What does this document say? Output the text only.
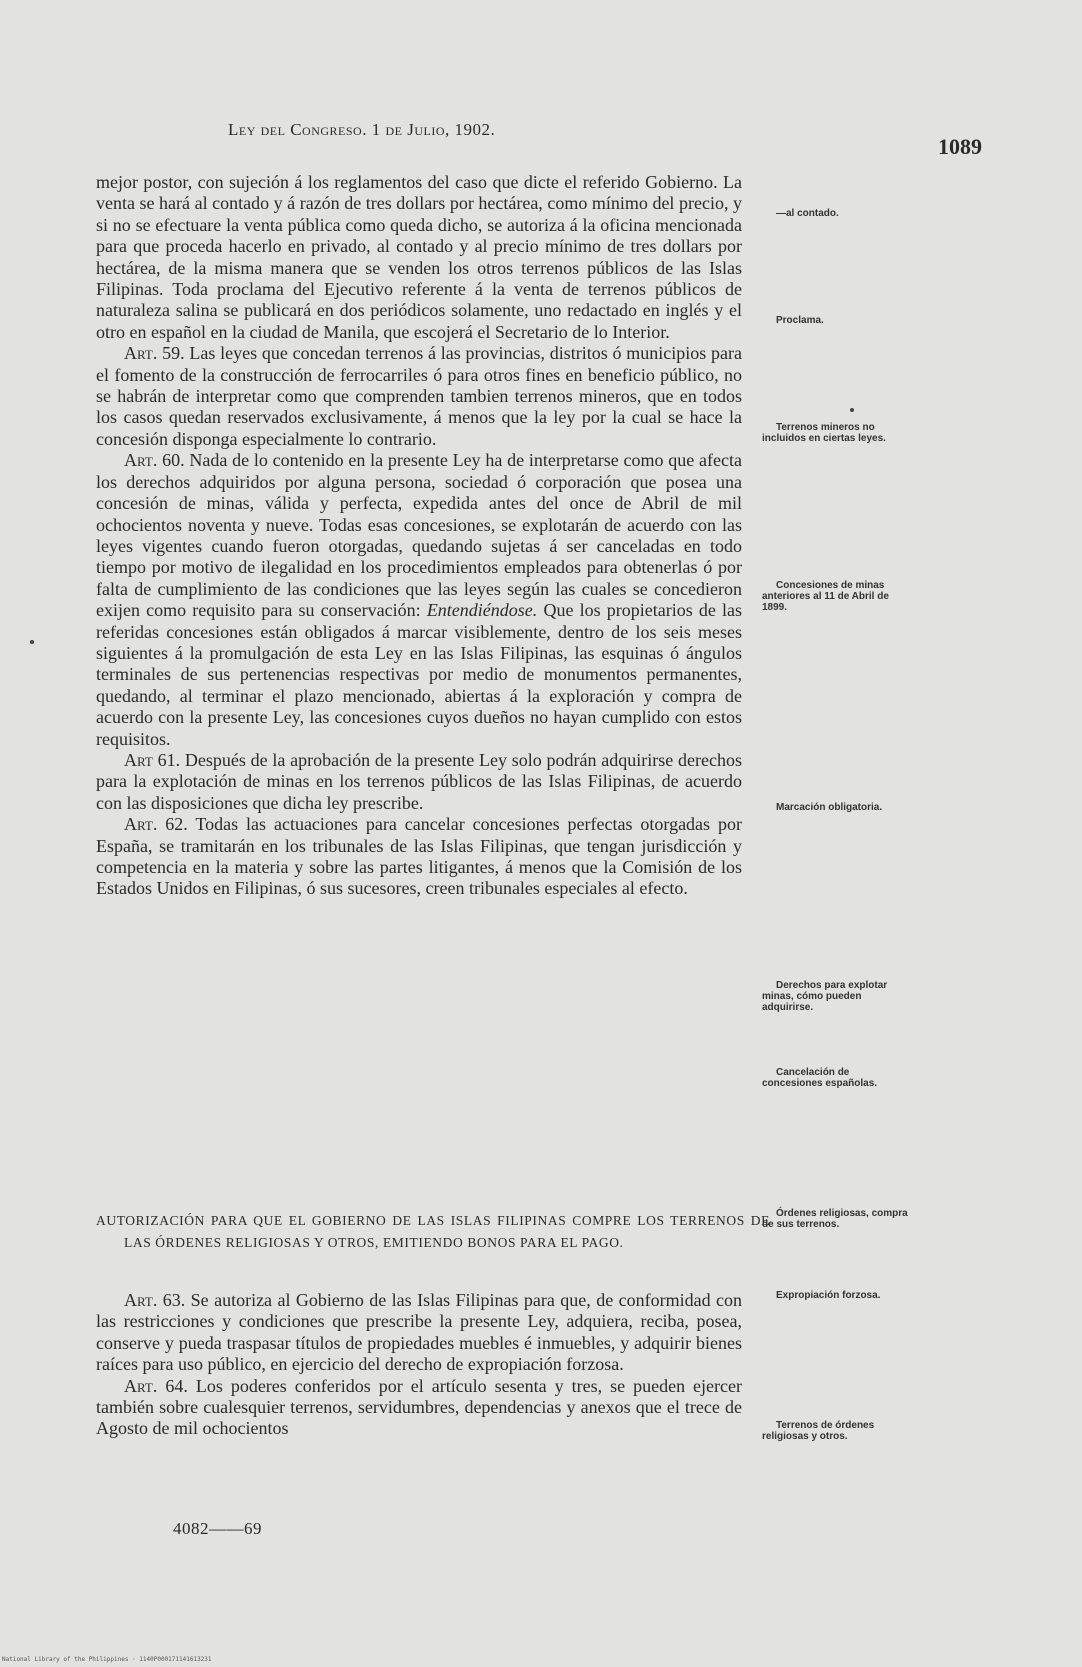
Ley del Congreso. 1 de Julio, 1902.
1089

mejor postor, con sujeción á los reglamentos del caso que dicte el referido Gobierno. La venta se hará al contado y á razón de tres dollars por hectárea, como mínimo del precio, y si no se efectuare la venta pública como queda dicho, se autoriza á la oficina mencionada para que proceda hacerlo en privado, al contado y al precio mínimo de tres dollars por hectárea, de la misma manera que se venden los otros terrenos públicos de las Islas Filipinas. Toda proclama del Ejecutivo referente á la venta de terrenos públicos de naturaleza salina se publicará en dos periódicos solamente, uno redactado en inglés y el otro en español en la ciudad de Manila, que escojerá el Secretario de lo Interior.

Art. 59. Las leyes que concedan terrenos á las provincias, distritos ó municipios para el fomento de la construcción de ferrocarriles ó para otros fines en beneficio público, no se habrán de interpretar como que comprenden tambien terrenos mineros, que en todos los casos quedan reservados exclusivamente, á menos que la ley por la cual se hace la concesión disponga especialmente lo contrario.

Art. 60. Nada de lo contenido en la presente Ley ha de interpretarse como que afecta los derechos adquiridos por alguna persona, sociedad ó corporación que posea una concesión de minas, válida y perfecta, expedida antes del once de Abril de mil ochocientos noventa y nueve. Todas esas concesiones, se explotarán de acuerdo con las leyes vigentes cuando fueron otorgadas, quedando sujetas á ser canceladas en todo tiempo por motivo de ilegalidad en los procedimientos empleados para obtenerlas ó por falta de cumplimiento de las condiciones que las leyes según las cuales se concedieron exijen como requisito para su conservación: Entendiéndose. Que los propietarios de las referidas concesiones están obligados á marcar visiblemente, dentro de los seis meses siguientes á la promulgación de esta Ley en las Islas Filipinas, las esquinas ó ángulos terminales de sus pertenencias respectivas por medio de monumentos permanentes, quedando, al terminar el plazo mencionado, abiertas á la exploración y compra de acuerdo con la presente Ley, las concesiones cuyos dueños no hayan cumplido con estos requisitos.

Art 61. Después de la aprobación de la presente Ley solo podrán adquirirse derechos para la explotación de minas en los terrenos públicos de las Islas Filipinas, de acuerdo con las disposiciones que dicha ley prescribe.

Art. 62. Todas las actuaciones para cancelar concesiones perfectas otorgadas por España, se tramitarán en los tribunales de las Islas Filipinas, que tengan jurisdicción y competencia en la materia y sobre las partes litigantes, á menos que la Comisión de los Estados Unidos en Filipinas, ó sus sucesores, creen tribunales especiales al efecto.

AUTORIZACIÓN PARA QUE EL GOBIERNO DE LAS ISLAS FILIPINAS COMPRE LOS TERRENOS DE LAS ÓRDENES RELIGIOSAS Y OTROS, EMITIENDO BONOS PARA EL PAGO.

Art. 63. Se autoriza al Gobierno de las Islas Filipinas para que, de conformidad con las restricciones y condiciones que prescribe la presente Ley, adquiera, reciba, posea, conserve y pueda traspasar títulos de propiedades muebles é inmuebles, y adquirir bienes raíces para uso público, en ejercicio del derecho de expropiación forzosa.

Art. 64. Los poderes conferidos por el artículo sesenta y tres, se pueden ejercer también sobre cualesquier terrenos, servidumbres, dependencias y anexos que el trece de Agosto de mil ochocientos

—al contado.
Proclama.
Terrenos mineros no incluidos en ciertas leyes.
Concesiones de minas anteriores al 11 de Abril de 1899.
Marcación obligatoria.
Derechos para explotar minas, cómo pueden adquirirse.
Cancelación de concesiones españolas.
Órdenes religiosas, compra de sus terrenos.
Expropiación forzosa.
Terrenos de órdenes religiosas y otros.
4082——69
National Library of the Philippines · 1140P000171141613231
